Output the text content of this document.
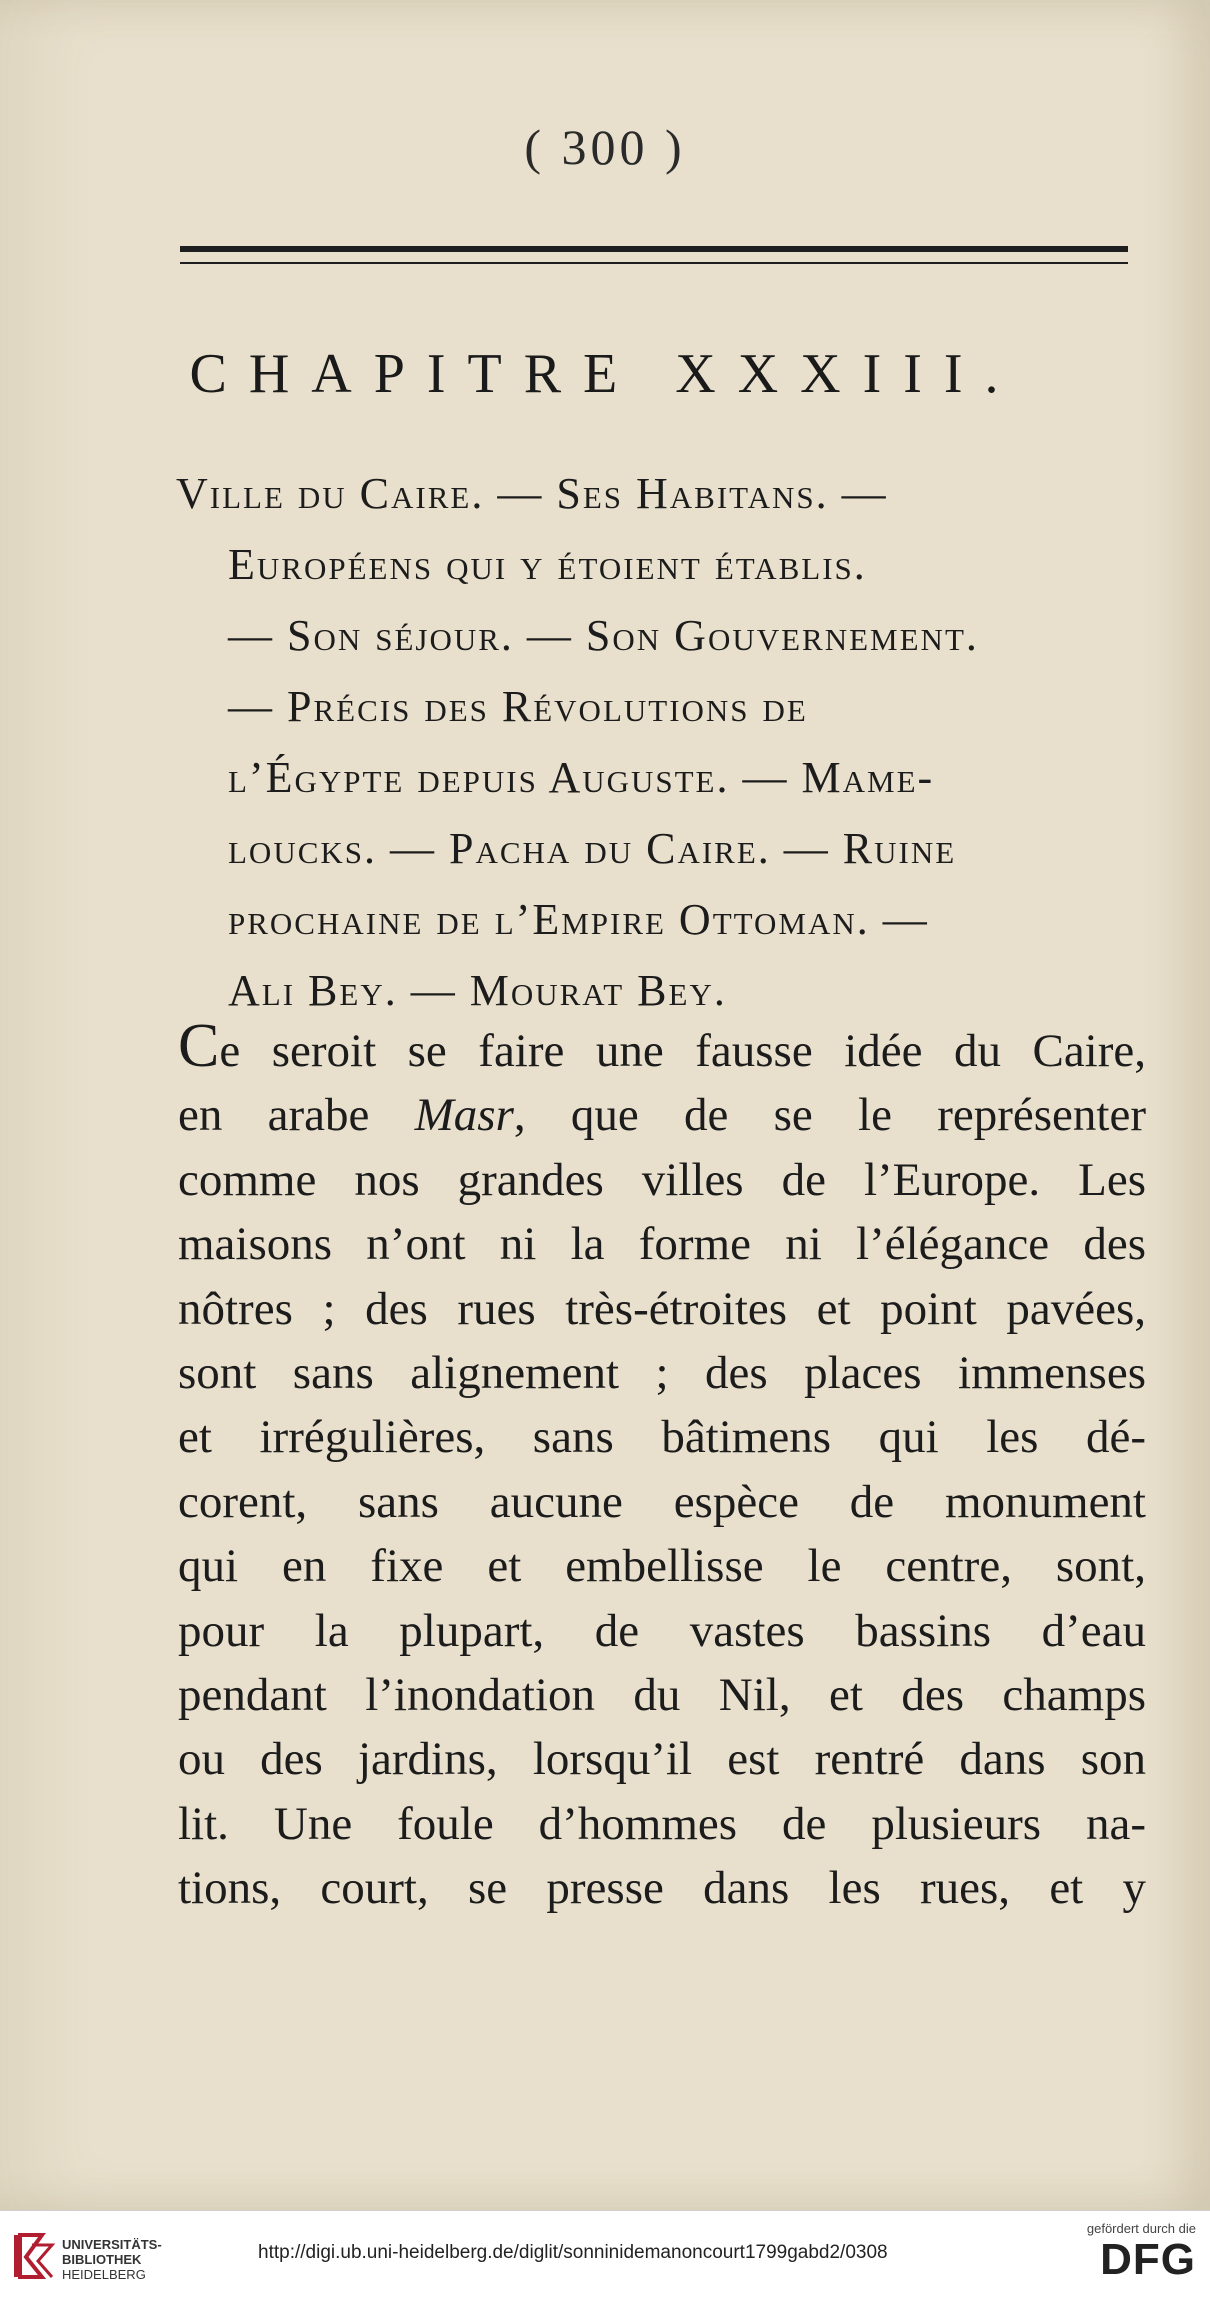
( 300 )
CHAPITRE XXXIII.
Ville du Caire. — Ses Habitans. —
Européens qui y étoient établis.
— Son séjour. — Son Gouvernement.
— Précis des Révolutions de
l’Égypte depuis Auguste. — Mame-
loucks. — Pacha du Caire. — Ruine
prochaine de l’Empire Ottoman. —
Ali Bey. — Mourat Bey.
Ce seroit se faire une fausse idée du Caire,
en arabe Masr, que de se le représenter
comme nos grandes villes de l’Europe. Les
maisons n’ont ni la forme ni l’élégance des
nôtres ; des rues très-étroites et point pavées,
sont sans alignement ; des places immenses
et irrégulières, sans bâtimens qui les dé-
corent, sans aucune espèce de monument
qui en fixe et embellisse le centre, sont,
pour la plupart, de vastes bassins d’eau
pendant l’inondation du Nil, et des champs
ou des jardins, lorsqu’il est rentré dans son
lit. Une foule d’hommes de plusieurs na-
tions, court, se presse dans les rues, et y
UNIVERSITÄTS-
BIBLIOTHEK
HEIDELBERG
http://digi.ub.uni-heidelberg.de/diglit/sonninidemanoncourt1799gabd2/0308
gefördert durch die
DFG
